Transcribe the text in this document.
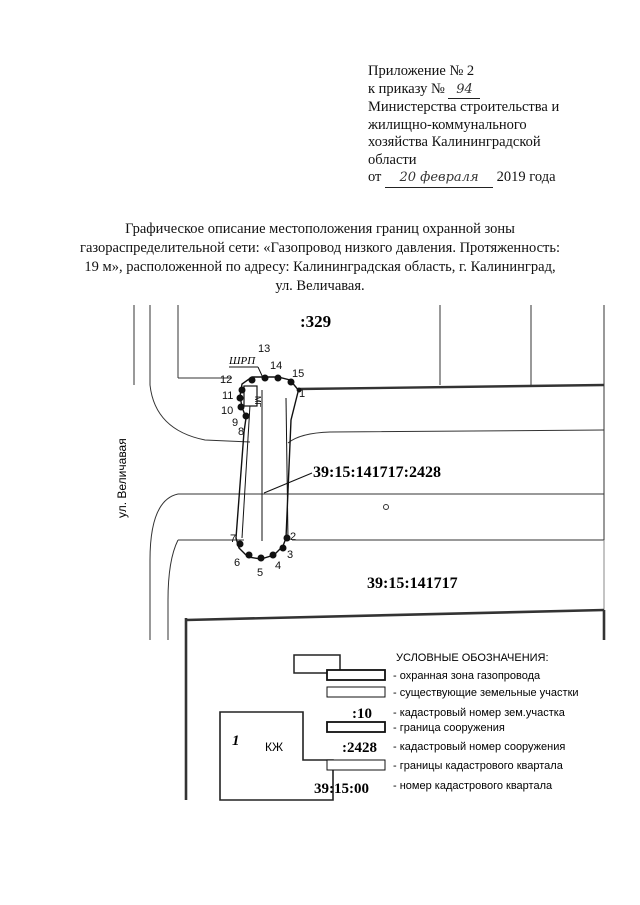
Приложение № 2
к приказу № 94
Министерства строительства и
жилищно-коммунального
хозяйства Калининградской
области
от 20 февраля 2019 года
Графическое описание местоположения границ охранной зоны
газораспределительной сети: «Газопровод низкого давления. Протяженность:
19 м», расположенной по адресу: Калининградская область, г. Калининград,
ул. Величавая.
1
2
3
4
5
6
7
8
9
10
11
12
13
14
15
:329
39:15:141717:2428
39:15:141717
ШРП
МГ
ул. Величавая
1 КЖ
УСЛОВНЫЕ ОБОЗНАЧЕНИЯ:
- охранная зона газопровода
- существующие земельные участки
:10 - кадастровый номер зем.участка
- граница сооружения
:2428 - кадастровый номер сооружения
- границы кадастрового квартала
39:15:00 - номер кадастрового квартала
